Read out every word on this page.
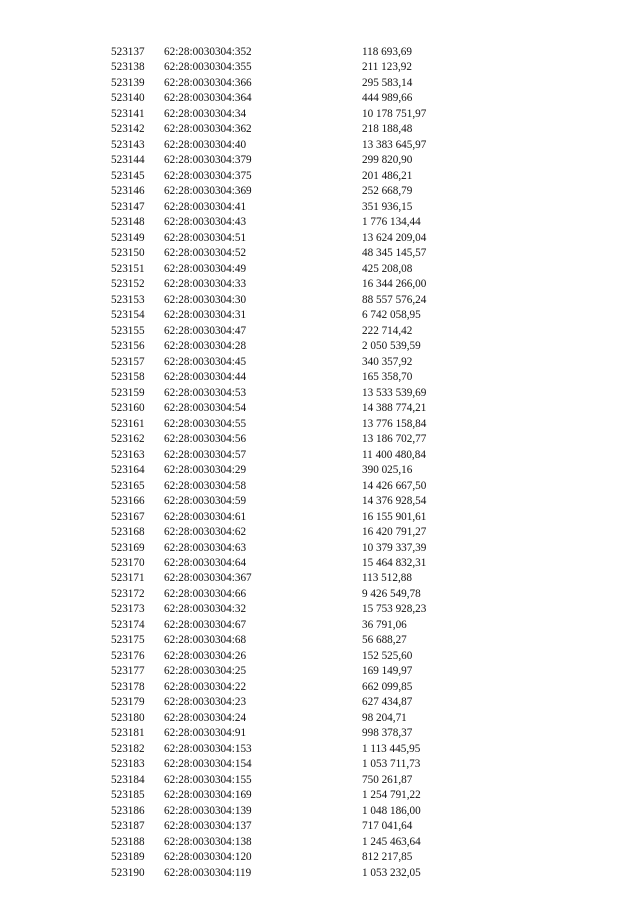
523137	62:28:0030304:352	118 693,69
523138	62:28:0030304:355	211 123,92
523139	62:28:0030304:366	295 583,14
523140	62:28:0030304:364	444 989,66
523141	62:28:0030304:34	10 178 751,97
523142	62:28:0030304:362	218 188,48
523143	62:28:0030304:40	13 383 645,97
523144	62:28:0030304:379	299 820,90
523145	62:28:0030304:375	201 486,21
523146	62:28:0030304:369	252 668,79
523147	62:28:0030304:41	351 936,15
523148	62:28:0030304:43	1 776 134,44
523149	62:28:0030304:51	13 624 209,04
523150	62:28:0030304:52	48 345 145,57
523151	62:28:0030304:49	425 208,08
523152	62:28:0030304:33	16 344 266,00
523153	62:28:0030304:30	88 557 576,24
523154	62:28:0030304:31	6 742 058,95
523155	62:28:0030304:47	222 714,42
523156	62:28:0030304:28	2 050 539,59
523157	62:28:0030304:45	340 357,92
523158	62:28:0030304:44	165 358,70
523159	62:28:0030304:53	13 533 539,69
523160	62:28:0030304:54	14 388 774,21
523161	62:28:0030304:55	13 776 158,84
523162	62:28:0030304:56	13 186 702,77
523163	62:28:0030304:57	11 400 480,84
523164	62:28:0030304:29	390 025,16
523165	62:28:0030304:58	14 426 667,50
523166	62:28:0030304:59	14 376 928,54
523167	62:28:0030304:61	16 155 901,61
523168	62:28:0030304:62	16 420 791,27
523169	62:28:0030304:63	10 379 337,39
523170	62:28:0030304:64	15 464 832,31
523171	62:28:0030304:367	113 512,88
523172	62:28:0030304:66	9 426 549,78
523173	62:28:0030304:32	15 753 928,23
523174	62:28:0030304:67	36 791,06
523175	62:28:0030304:68	56 688,27
523176	62:28:0030304:26	152 525,60
523177	62:28:0030304:25	169 149,97
523178	62:28:0030304:22	662 099,85
523179	62:28:0030304:23	627 434,87
523180	62:28:0030304:24	98 204,71
523181	62:28:0030304:91	998 378,37
523182	62:28:0030304:153	1 113 445,95
523183	62:28:0030304:154	1 053 711,73
523184	62:28:0030304:155	750 261,87
523185	62:28:0030304:169	1 254 791,22
523186	62:28:0030304:139	1 048 186,00
523187	62:28:0030304:137	717 041,64
523188	62:28:0030304:138	1 245 463,64
523189	62:28:0030304:120	812 217,85
523190	62:28:0030304:119	1 053 232,05
